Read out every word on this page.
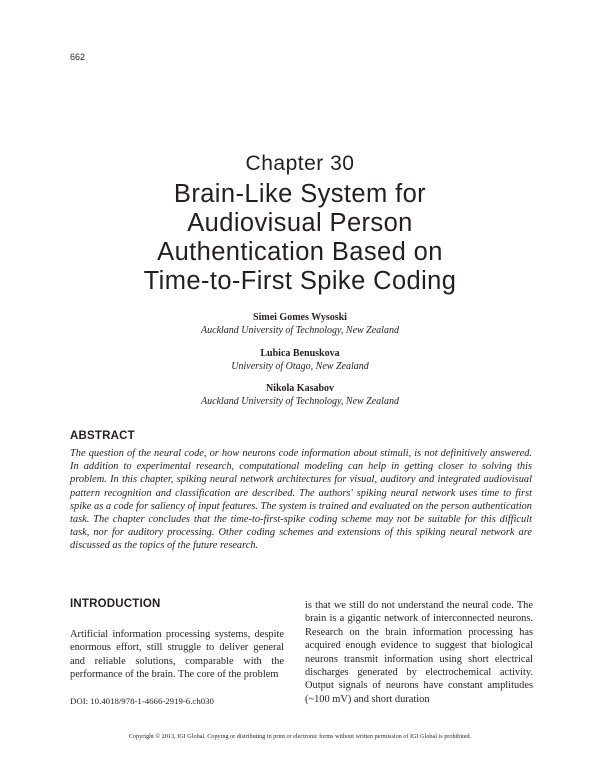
662
Chapter 30
Brain-Like System for
Audiovisual Person
Authentication Based on
Time-to-First Spike Coding
Simei Gomes Wysoski
Auckland University of Technology, New Zealand
Lubica Benuskova
University of Otago, New Zealand
Nikola Kasabov
Auckland University of Technology, New Zealand
ABSTRACT

The question of the neural code, or how neurons code information about stimuli, is not definitively answered. In addition to experimental research, computational modeling can help in getting closer to solving this problem. In this chapter, spiking neural network architectures for visual, auditory and integrated audiovisual pattern recognition and classification are described. The authors' spiking neural network uses time to first spike as a code for saliency of input features. The system is trained and evaluated on the person authentication task. The chapter concludes that the time-to-first-spike coding scheme may not be suitable for this difficult task, nor for auditory processing. Other coding schemes and extensions of this spiking neural network are discussed as the topics of the future research.

INTRODUCTION

Artificial information processing systems, despite enormous effort, still struggle to deliver general and reliable solutions, comparable with the performance of the brain. The core of the problem

DOI: 10.4018/978-1-4666-2919-6.ch030

is that we still do not understand the neural code. The brain is a gigantic network of interconnected neurons. Research on the brain information processing has acquired enough evidence to suggest that biological neurons transmit information using short electrical discharges generated by electrochemical activity. Output signals of neurons have constant amplitudes (~100 mV) and short duration

Copyright © 2013, IGI Global. Copying or distributing in print or electronic forms without written permission of IGI Global is prohibited.
